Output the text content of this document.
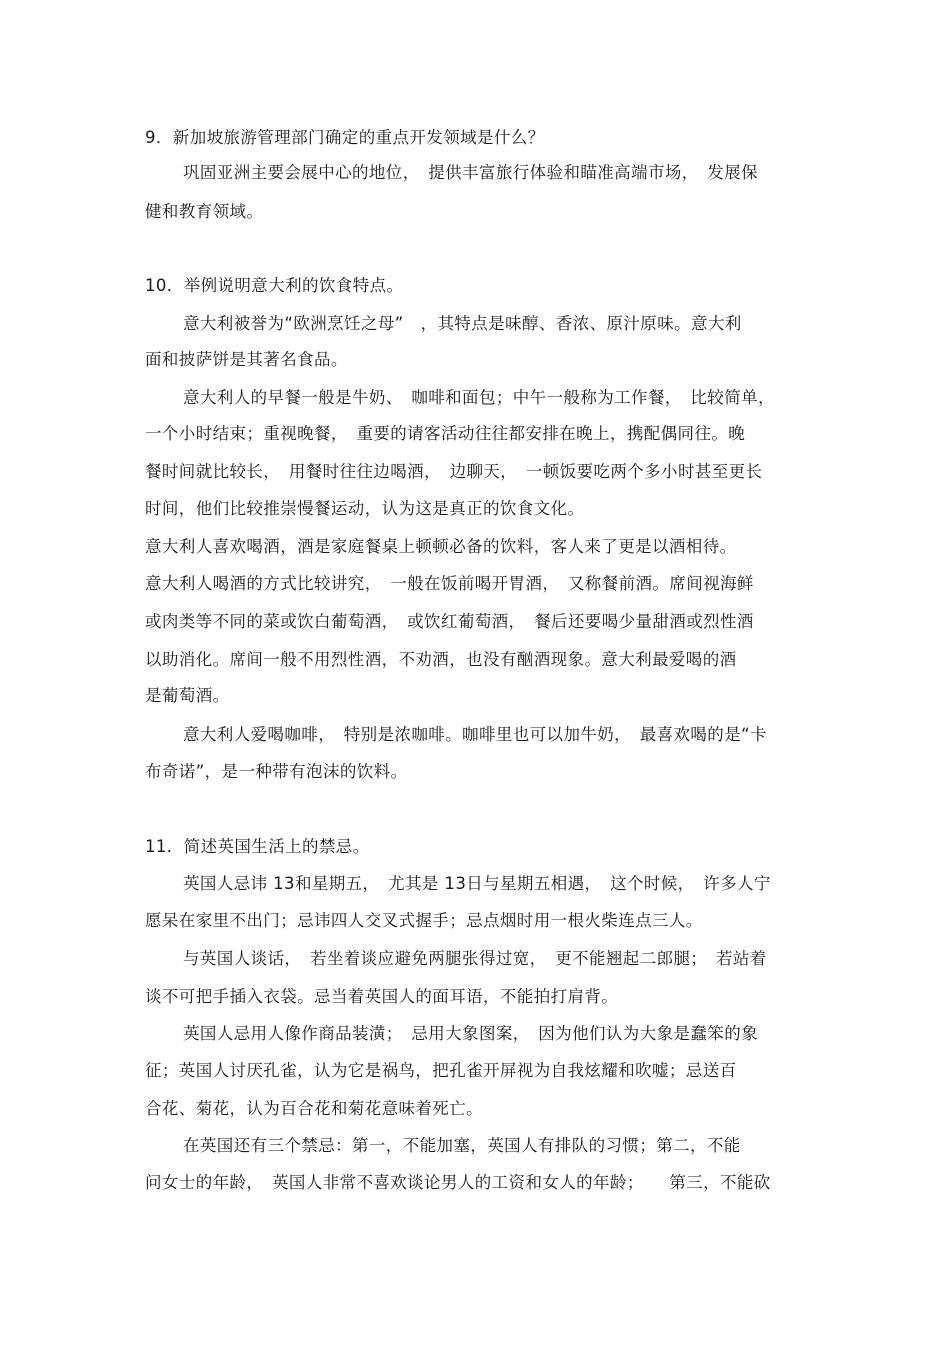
9．新加坡旅游管理部门确定的重点开发领域是什么？
巩固亚洲主要会展中心的地位，　提供丰富旅行体验和瞄准高端市场，　发展保
健和教育领域。
10．举例说明意大利的饮食特点。
意大利被誉为“欧洲烹饪之母”　，其特点是味醇、香浓、原汁原味。意大利
面和披萨饼是其著名食品。
意大利人的早餐一般是牛奶、　咖啡和面包；中午一般称为工作餐，　比较简单，
一个小时结束；重视晚餐，　重要的请客活动往往都安排在晚上，携配偶同往。晚
餐时间就比较长，　用餐时往往边喝酒，　边聊天，　一顿饭要吃两个多小时甚至更长
时间，他们比较推崇慢餐运动，认为这是真正的饮食文化。
意大利人喜欢喝酒，酒是家庭餐桌上顿顿必备的饮料，客人来了更是以酒相待。
意大利人喝酒的方式比较讲究，　一般在饭前喝开胃酒，　又称餐前酒。席间视海鲜
或肉类等不同的菜或饮白葡萄酒，　或饮红葡萄酒，　餐后还要喝少量甜酒或烈性酒
以助消化。席间一般不用烈性酒，不劝酒，也没有酗酒现象。意大利最爱喝的酒
是葡萄酒。
意大利人爱喝咖啡，　特别是浓咖啡。咖啡里也可以加牛奶，　最喜欢喝的是“卡
布奇诺”，是一种带有泡沫的饮料。
11．简述英国生活上的禁忌。
英国人忌讳 13和星期五，　尤其是 13日与星期五相遇，　这个时候，　许多人宁
愿呆在家里不出门；忌讳四人交叉式握手；忌点烟时用一根火柴连点三人。
与英国人谈话，　若坐着谈应避免两腿张得过宽，　更不能翘起二郎腿；　若站着
谈不可把手插入衣袋。忌当着英国人的面耳语，不能拍打肩背。
英国人忌用人像作商品装潢；　忌用大象图案，　因为他们认为大象是蠢笨的象
征；英国人讨厌孔雀，认为它是祸鸟，把孔雀开屏视为自我炫耀和吹嘘；忌送百
合花、菊花，认为百合花和菊花意味着死亡。
在英国还有三个禁忌：第一，不能加塞，英国人有排队的习惯；第二，不能
问女士的年龄，　英国人非常不喜欢谈论男人的工资和女人的年龄；　　第三，不能砍
